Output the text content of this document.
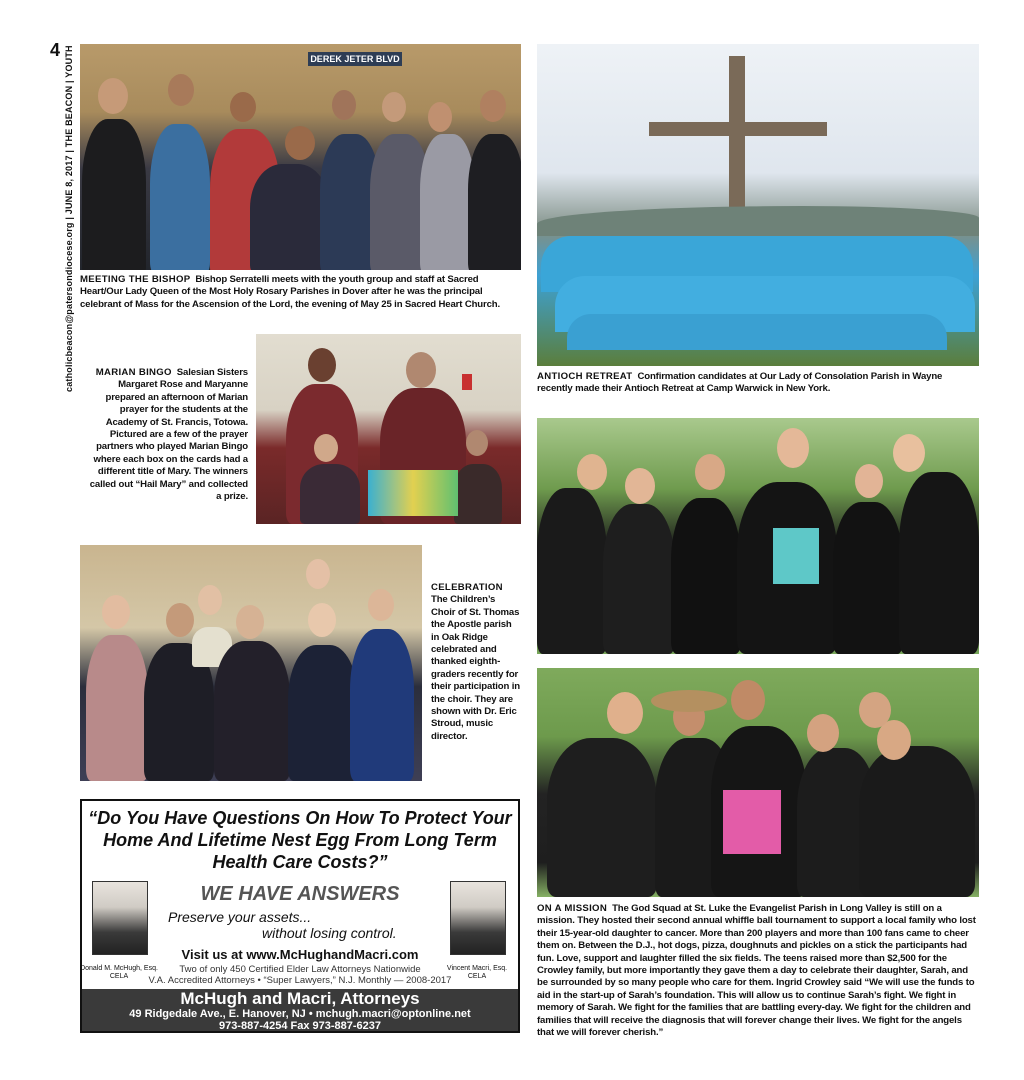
4 catholicbeacon@patersondiocese.org | JUNE 8, 2017 | THE BEACON | YOUTH	DEREK JETER BLVD
MEETING THE BISHOP Bishop Serratelli meets with the youth group and staff at Sacred Heart/Our Lady Queen of the Most Holy Rosary Parishes in Dover after he was the principal celebrant of Mass for the Ascension of the Lord, the evening of May 25 in Sacred Heart Church.
MARIAN BINGO Salesian Sisters Margaret Rose and Maryanne prepared an afternoon of Marian prayer for the students at the Academy of St. Francis, Totowa. Pictured are a few of the prayer partners who played Marian Bingo where each box on the cards had a different title of Mary. The winners called out “Hail Mary” and collected a prize.
CELEBRATION
The Children’s Choir of St. Thomas the Apostle parish in Oak Ridge celebrated and thanked eighth-graders recently for their participation in the choir. They are shown with Dr. Eric Stroud, music director.
ANTIOCH RETREAT Confirmation candidates at Our Lady of Consolation Parish in Wayne recently made their Antioch Retreat at Camp Warwick in New York.
ON A MISSION The God Squad at St. Luke the Evangelist Parish in Long Valley is still on a mission. They hosted their second annual whiffle ball tournament to support a local family who lost their 15-year-old daughter to cancer. More than 200 players and more than 100 fans came to cheer them on. Between the D.J., hot dogs, pizza, doughnuts and pickles on a stick the participants had fun. Love, support and laughter filled the six fields. The teens raised more than $2,500 for the Crowley family, but more importantly they gave them a day to celebrate their daughter, Sarah, and be surrounded by so many people who care for them. Ingrid Crowley said “We will use the funds to aid in the start-up of Sarah’s foundation. This will allow us to continue Sarah’s fight. We fight in memory of Sarah. We fight for the families that are battling every-day. We fight for the children and families that will receive the diagnosis that will forever change their lives. We fight for the angels that we will forever cherish.”
“Do You Have Questions On How To Protect Your Home And Lifetime Nest Egg From Long Term Health Care Costs?”
WE HAVE ANSWERS
Preserve your assets...
without losing control.
Visit us at www.McHughandMacri.com
Two of only 450 Certified Elder Law Attorneys Nationwide
V.A. Accredited Attorneys • “Super Lawyers,” N.J. Monthly — 2008-2017
Donald M. McHugh, Esq. CELA
Vincent Macri, Esq. CELA
McHugh and Macri, Attorneys
49 Ridgedale Ave., E. Hanover, NJ • mchugh.macri@optonline.net
973-887-4254 Fax 973-887-6237
